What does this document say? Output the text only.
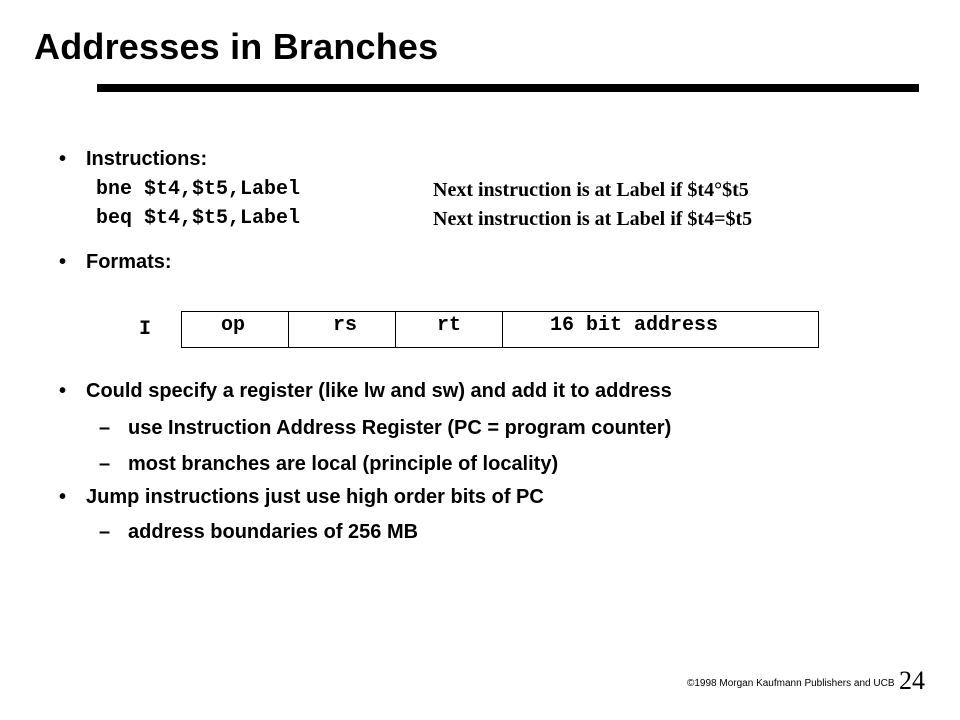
Addresses in Branches
• Instructions:
bne $t4,$t5,Label	Next instruction is at Label if $t4°$t5
beq $t4,$t5,Label	Next instruction is at Label if $t4=$t5
• Formats:
I	op	rs	rt	16 bit address
• Could specify a register (like lw and sw) and add it to address
– use Instruction Address Register (PC = program counter)
– most branches are local (principle of locality)
• Jump instructions just use high order bits of PC
– address boundaries of 256 MB
©1998 Morgan Kaufmann Publishers and UCB 24
